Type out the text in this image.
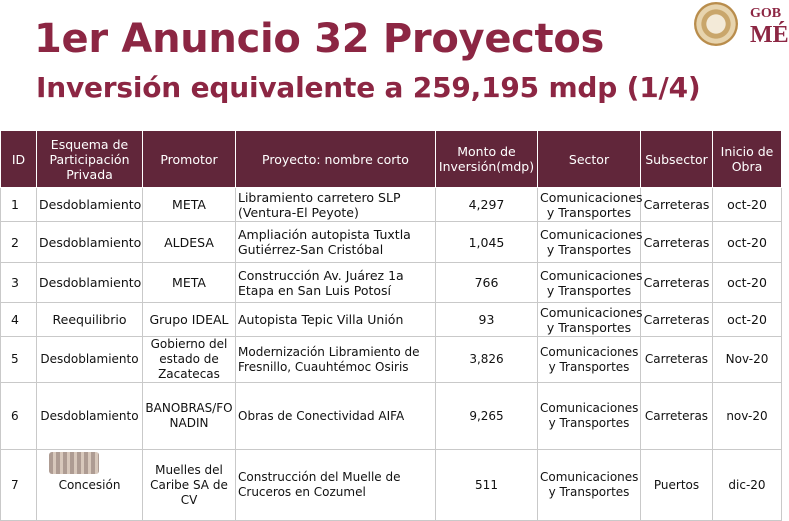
1er Anuncio 32 Proyectos
Inversión equivalente a 259,195 mdp (1/4)
GOB
MÉ
ID	Esquema de Participación Privada	Promotor	Proyecto: nombre corto	Monto de Inversión(mdp)	Sector	Subsector	Inicio de Obra
1	Desdoblamiento	META	Libramiento carretero SLP (Ventura-El Peyote)	4,297	Comunicaciones y Transportes	Carreteras	oct-20
2	Desdoblamiento	ALDESA	Ampliación autopista Tuxtla Gutiérrez-San Cristóbal	1,045	Comunicaciones y Transportes	Carreteras	oct-20
3	Desdoblamiento	META	Construcción Av. Juárez 1a Etapa en San Luis Potosí	766	Comunicaciones y Transportes	Carreteras	oct-20
4	Reequilibrio	Grupo IDEAL	Autopista Tepic Villa Unión	93	Comunicaciones y Transportes	Carreteras	oct-20
5	Desdoblamiento	Gobierno del estado de Zacatecas	Modernización Libramiento de Fresnillo, Cuauhtémoc Osiris	3,826	Comunicaciones y Transportes	Carreteras	Nov-20
6	Desdoblamiento	BANOBRAS/FONADIN	Obras de Conectividad AIFA	9,265	Comunicaciones y Transportes	Carreteras	nov-20
7	Concesión	Muelles del Caribe SA de CV	Construcción del Muelle de Cruceros en Cozumel	511	Comunicaciones y Transportes	Puertos	dic-20
